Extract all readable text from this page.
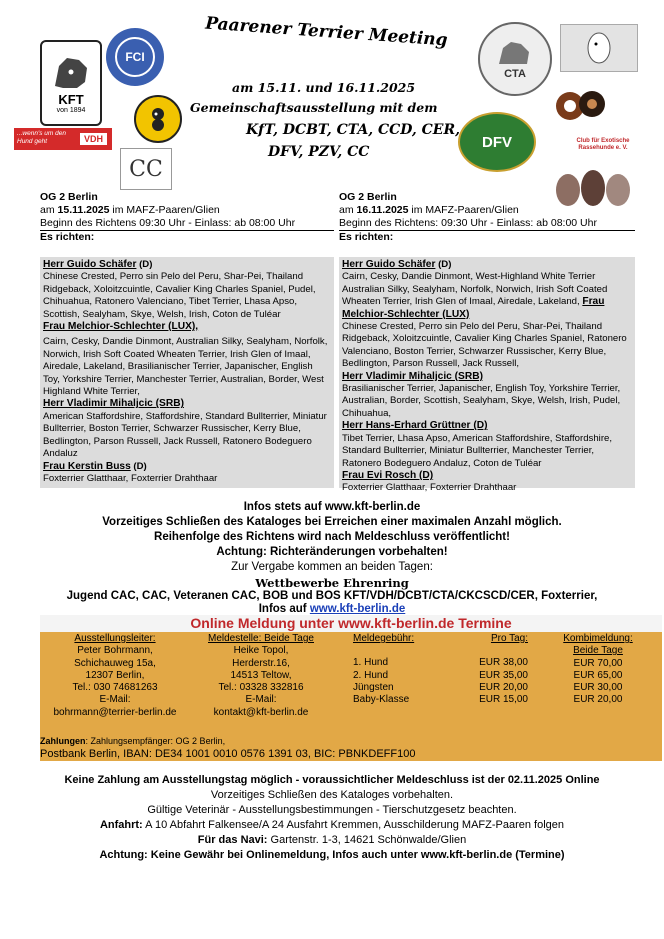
KFT
von 1894
FCI
...wenn's um den Hund geht	VDH
CC
CTA
DFV	Club für Exotische Rassehunde e. V.
Paarener Terrier Meeting
am 15.11. und 16.11.2025
Gemeinschaftsausstellung mit dem
KfT, DCBT, CTA, CCD, CER,
DFV, PZV, CC
OG 2 Berlin
am 15.11.2025 im MAFZ-Paaren/Glien
Beginn des Richtens 09:30 Uhr - Einlass: ab 08:00 Uhr
Es richten:
OG 2 Berlin
am 16.11.2025 im MAFZ-Paaren/Glien
Beginn des Richtens: 09:30 Uhr - Einlass: ab 08:00 Uhr
Es richten:
Herr Guido Schäfer (D)
Chinese Crested, Perro sin Pelo del Peru, Shar-Pei, Thailand Ridgeback, Xoloitzcuintle, Cavalier King Charles Spaniel, Pudel, Chihuahua, Ratonero Valenciano, Tibet Terrier, Lhasa Apso, Scottish, Sealyham, Skye, Welsh, Irish, Coton de Tuléar
Frau Melchior-Schlechter (LUX),
Cairn, Cesky, Dandie Dinmont, Australian Silky, Sealyham, Norfolk, Norwich, Irish Soft Coated Wheaten Terrier, Irish Glen of Imaal, Airedale, Lakeland, Brasilianischer Terrier, Japanischer, English Toy, Yorkshire Terrier, Manchester Terrier, Australian, Border, West Highland White Terrier,
Herr Vladimir Mihaljcic (SRB)
American Staffordshire, Staffordshire, Standard Bullterrier, Miniatur Bullterrier, Boston Terrier, Schwarzer Russischer, Kerry Blue, Bedlington, Parson Russell, Jack Russell, Ratonero Bodeguero Andaluz
Frau Kerstin Buss (D)
Foxterrier Glatthaar, Foxterrier Drahthaar
Herr Guido Schäfer (D)
Cairn, Cesky, Dandie Dinmont, West-Highland White Terrier Australian Silky, Sealyham, Norfolk, Norwich, Irish Soft Coated Wheaten Terrier, Irish Glen of Imaal, Airedale, Lakeland, Frau Melchior-Schlechter (LUX)
Chinese Crested, Perro sin Pelo del Peru, Shar-Pei, Thailand Ridgeback, Xoloitzcuintle, Cavalier King Charles Spaniel, Ratonero Valenciano, Boston Terrier, Schwarzer Russischer, Kerry Blue, Bedlington, Parson Russell, Jack Russell,
Herr Vladimir Mihaljcic (SRB)
Brasilianischer Terrier, Japanischer, English Toy, Yorkshire Terrier, Australian, Border, Scottish, Sealyham, Skye, Welsh, Irish, Pudel, Chihuahua,
Herr Hans-Erhard Grüttner (D)
Tibet Terrier, Lhasa Apso, American Staffordshire, Staffordshire, Standard Bullterrier, Miniatur Bullterrier, Manchester Terrier, Ratonero Bodeguero Andaluz, Coton de Tuléar
Frau Evi Rosch (D)
Foxterrier Glatthaar, Foxterrier Drahthaar
Infos stets auf www.kft-berlin.de
Vorzeitiges Schließen des Kataloges bei Erreichen einer maximalen Anzahl möglich.
Reihenfolge des Richtens wird nach Meldeschluss veröffentlicht!
Achtung: Richteränderungen vorbehalten!
Zur Vergabe kommen an beiden Tagen:
Wettbewerbe Ehrenring
Jugend CAC, CAC, Veteranen CAC, BOB und BOS KFT/VDH/DCBT/CTA/CKCSCD/CER, Foxterrier,
Infos auf www.kft-berlin.de
Online Meldung unter www.kft-berlin.de Termine
Ausstellungsleiter:
Peter Bohrmann,
Schichauweg 15a,
12307 Berlin,
Tel.: 030 74681263
E-Mail:
bohrmann@terrier-berlin.de
Meldestelle: Beide Tage
Heike Topol,
Herderstr.16,
14513 Teltow,
Tel.: 03328 332816
E-Mail:
kontakt@kft-berlin.de
Meldegebühr:
1. Hund
2. Hund
Jüngsten
Baby-Klasse
Pro Tag:
EUR 38,00
EUR 35,00
EUR 20,00
EUR 15,00
Kombimeldung:
Beide Tage
EUR 70,00
EUR 65,00
EUR 30,00
EUR 20,00
Zahlungen: Zahlungsempfänger: OG 2 Berlin,
Postbank Berlin, IBAN: DE34 1001 0010 0576 1391 03, BIC: PBNKDEFF100
Keine Zahlung am Ausstellungstag möglich - voraussichtlicher Meldeschluss ist der 02.11.2025 Online
Vorzeitiges Schließen des Kataloges vorbehalten.
Gültige Veterinär - Ausstellungsbestimmungen - Tierschutzgesetz beachten.
Anfahrt: A 10 Abfahrt Falkensee/A 24 Ausfahrt Kremmen, Ausschilderung MAFZ-Paaren folgen
Für das Navi: Gartenstr. 1-3, 14621 Schönwalde/Glien
Achtung: Keine Gewähr bei Onlinemeldung, Infos auch unter www.kft-berlin.de (Termine)
